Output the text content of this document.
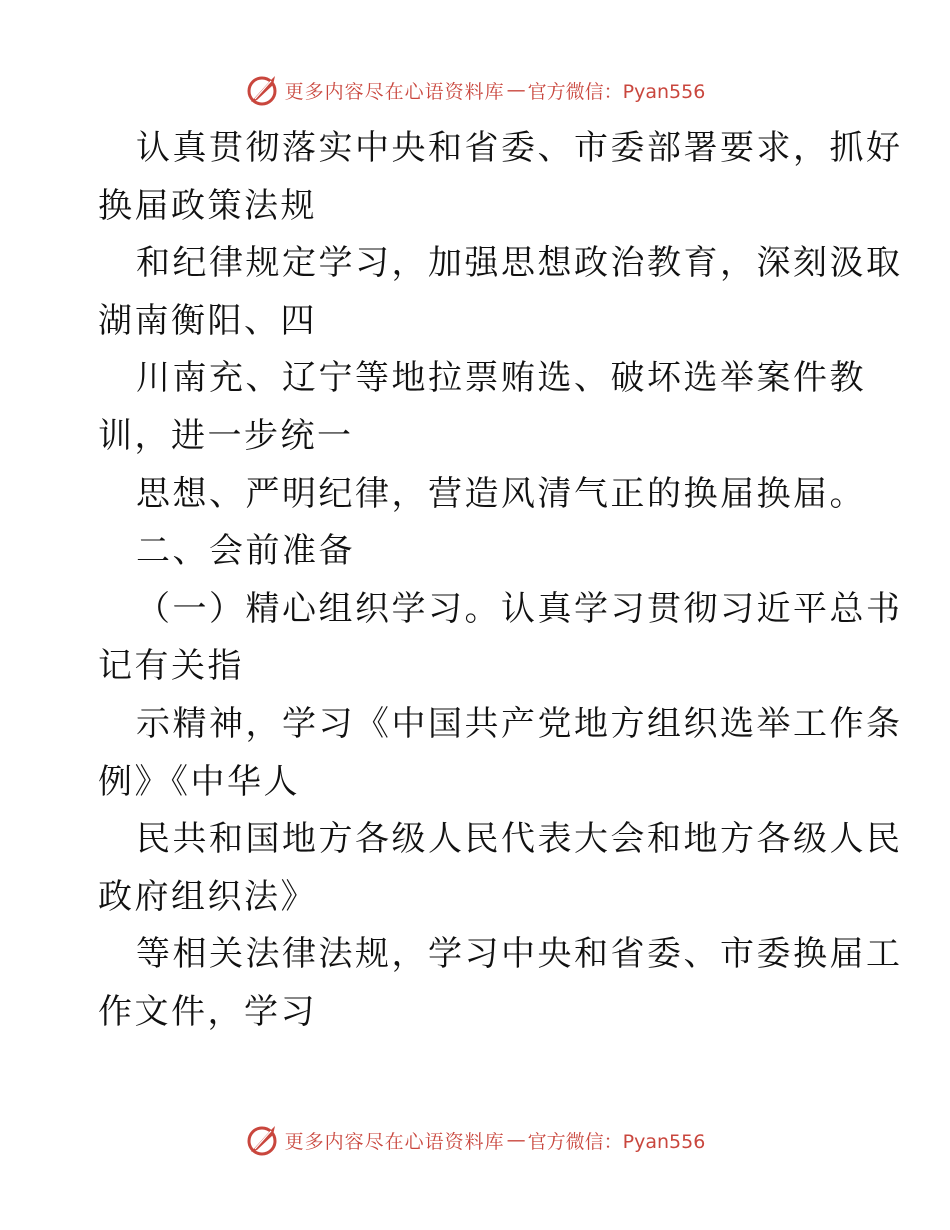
更多内容尽在心语资料库 — 官方微信：Pyan556
认真贯彻落实中央和省委、市委部署要求，抓好
换届政策法规
和纪律规定学习，加强思想政治教育，深刻汲取
湖南衡阳、四
川南充、辽宁等地拉票贿选、破坏选举案件教
训，进一步统一
思想、严明纪律，营造风清气正的换届换届。
二、会前准备
（一）精心组织学习。认真学习贯彻习近平总书
记有关指
示精神，学习《中国共产党地方组织选举工作条
例》《中华人
民共和国地方各级人民代表大会和地方各级人民
政府组织法》
等相关法律法规，学习中央和省委、市委换届工
作文件，学习
更多内容尽在心语资料库 — 官方微信：Pyan556
